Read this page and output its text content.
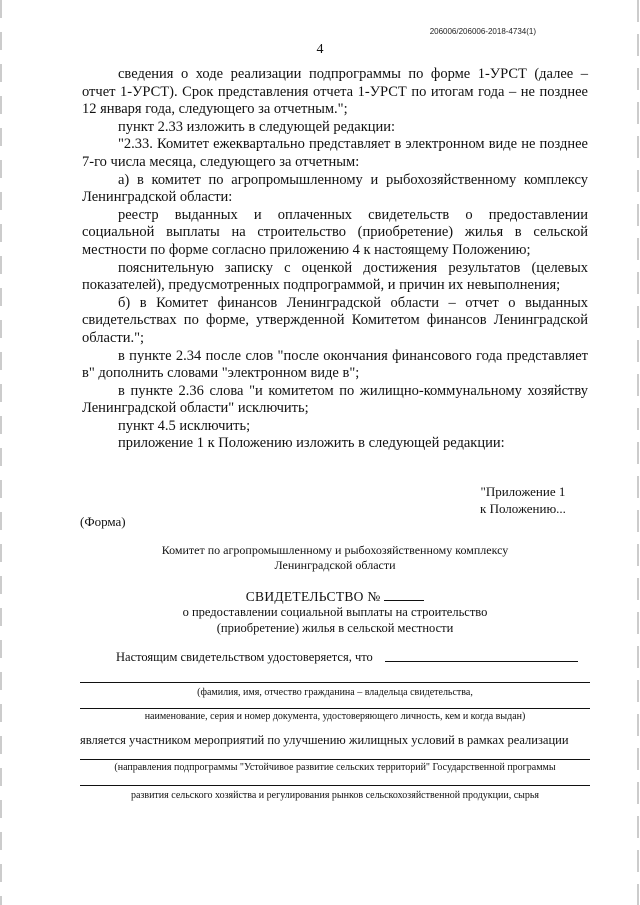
206006/206006-2018-4734(1)
4

сведения о ходе реализации подпрограммы по форме 1-УРСТ (далее – отчет 1-УРСТ). Срок представления отчета 1-УРСТ по итогам года – не позднее 12 января года, следующего за отчетным.";

пункт 2.33 изложить в следующей редакции:

"2.33. Комитет ежеквартально представляет в электронном виде не позднее 7-го числа месяца, следующего за отчетным:

а) в комитет по агропромышленному и рыбохозяйственному комплексу Ленинградской области:

реестр выданных и оплаченных свидетельств о предоставлении социальной выплаты на строительство (приобретение) жилья в сельской местности по форме согласно приложению 4 к настоящему Положению;

пояснительную записку с оценкой достижения результатов (целевых показателей), предусмотренных подпрограммой, и причин их невыполнения;

б) в Комитет финансов Ленинградской области – отчет о выданных свидетельствах по форме, утвержденной Комитетом финансов Ленинградской области.";

в пункте 2.34 после слов "после окончания финансового года представляет в" дополнить словами "электронном виде в";

в пункте 2.36 слова "и комитетом по жилищно-коммунальному хозяйству Ленинградской области" исключить;

пункт 4.5 исключить;

приложение 1 к Положению изложить в следующей редакции:

"Приложение 1
к Положению...
(Форма)
Комитет по агропромышленному и рыбохозяйственному комплексу
Ленинградской области
СВИДЕТЕЛЬСТВО №
о предоставлении социальной выплаты на строительство
(приобретение) жилья в сельской местности
Настоящим свидетельством удостоверяется, что
(фамилия, имя, отчество гражданина – владельца свидетельства,
наименование, серия и номер документа, удостоверяющего личность, кем и когда выдан)
является участником мероприятий по улучшению жилищных условий в рамках реализации
(направления подпрограммы "Устойчивое развитие сельских территорий" Государственной программы
развития сельского хозяйства и регулирования рынков сельскохозяйственной продукции, сырья
